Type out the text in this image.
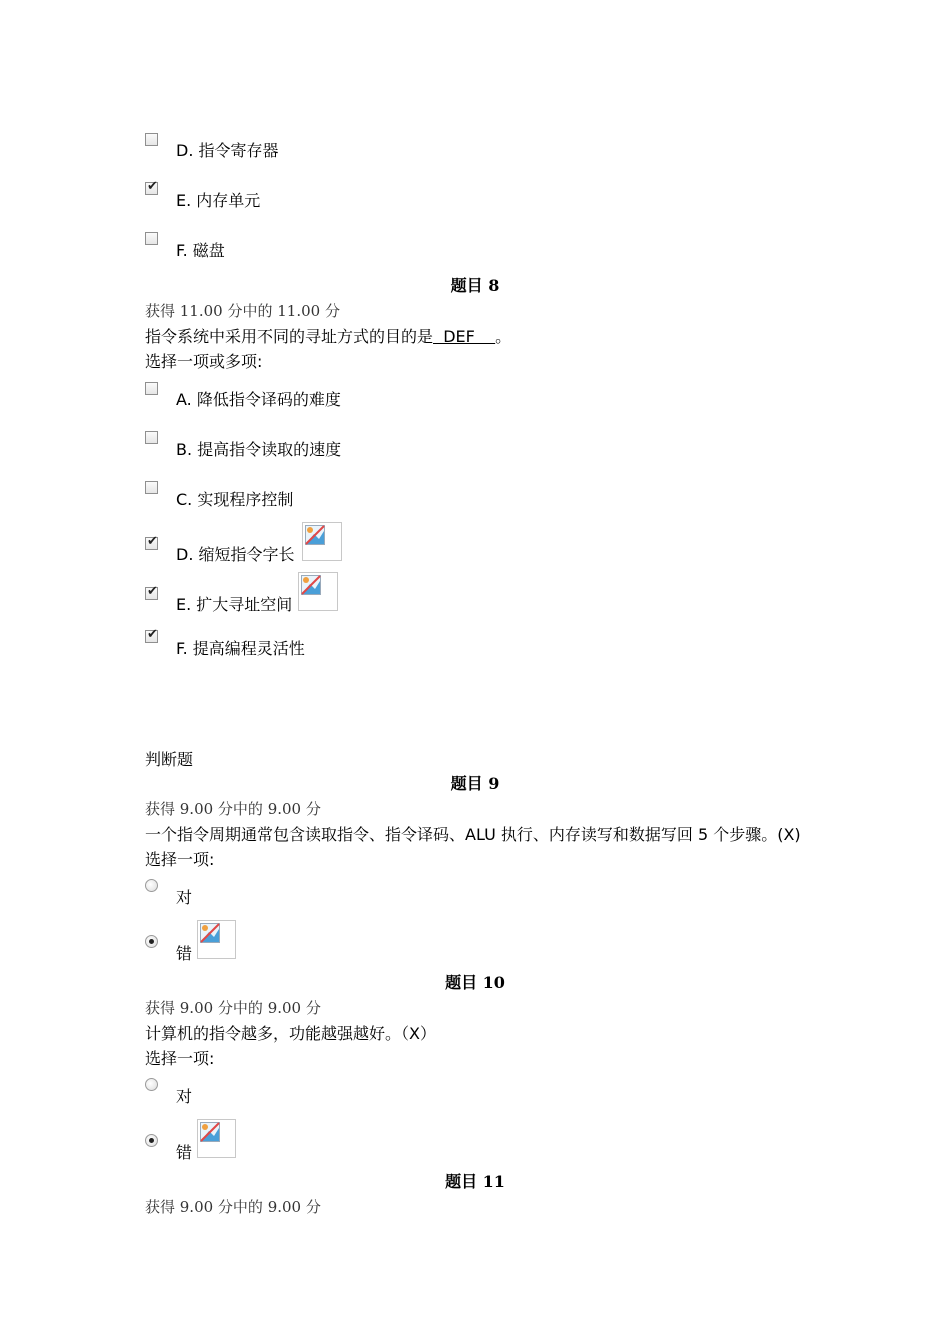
D. 指令寄存器
✔
E. 内存单元
F. 磁盘
题目 8
获得 11.00 分中的 11.00 分
指令系统中采用不同的寻址方式的目的是  DEF    。
选择一项或多项:
A. 降低指令译码的难度
B. 提高指令读取的速度
C. 实现程序控制
✔
D. 缩短指令字长
✔
E. 扩大寻址空间
✔
F. 提高编程灵活性
判断题
题目 9
获得 9.00 分中的 9.00 分
一个指令周期通常包含读取指令、指令译码、ALU 执行、内存读写和数据写回 5 个步骤。(X)
选择一项:
对
错
题目 10
获得 9.00 分中的 9.00 分
计算机的指令越多，功能越强越好。（X）
选择一项:
对
错
题目 11
获得 9.00 分中的 9.00 分
